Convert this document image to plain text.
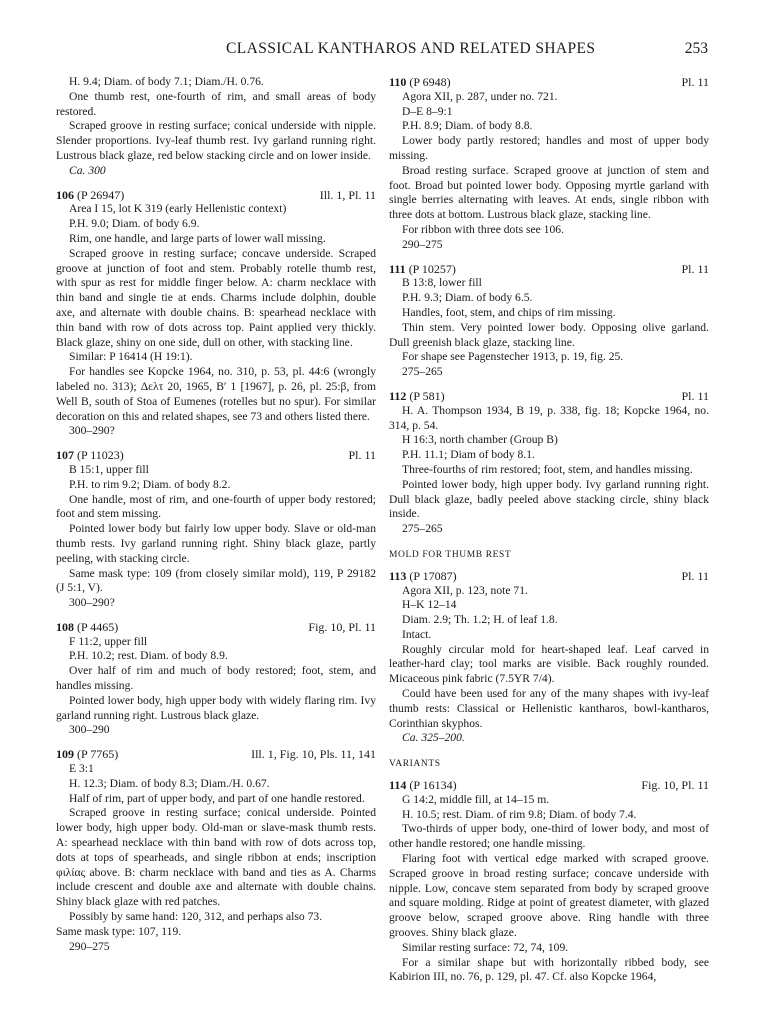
CLASSICAL KANTHAROS AND RELATED SHAPES	253
H. 9.4; Diam. of body 7.1; Diam./H. 0.76.

One thumb rest, one-fourth of rim, and small areas of body restored.

Scraped groove in resting surface; conical underside with nipple. Slender proportions. Ivy-leaf thumb rest. Ivy garland running right. Lustrous black glaze, red below stacking circle and on lower inside.

Ca. 300
106 (P 26947)	Ill. 1, Pl. 11
Area I 15, lot K 319 (early Hellenistic context)
P.H. 9.0; Diam. of body 6.9.

Rim, one handle, and large parts of lower wall missing.

Scraped groove in resting surface; concave underside. Scraped groove at junction of foot and stem. Probably rotelle thumb rest, with spur as rest for middle finger below. A: charm necklace with thin band and single tie at ends. Charms include dolphin, double axe, and alternate with double chains. B: spearhead necklace with thin band with row of dots across top. Paint applied very thickly. Black glaze, shiny on one side, dull on other, with stacking line.

Similar: P 16414 (H 19:1).

For handles see Kopcke 1964, no. 310, p. 53, pl. 44:6 (wrongly labeled no. 313); Δελτ 20, 1965, Β′ 1 [1967], p. 26, pl. 25:β, from Well B, south of Stoa of Eumenes (rotelles but no spur). For similar decoration on this and related shapes, see 73 and others listed there.

300–290?
107 (P 11023)	Pl. 11
B 15:1, upper fill
P.H. to rim 9.2; Diam. of body 8.2.

One handle, most of rim, and one-fourth of upper body restored; foot and stem missing.

Pointed lower body but fairly low upper body. Slave or old-man thumb rests. Ivy garland running right. Shiny black glaze, partly peeling, with stacking circle.

Same mask type: 109 (from closely similar mold), 119, P 29182 (J 5:1, V).

300–290?
108 (P 4465)	Fig. 10, Pl. 11
F 11:2, upper fill
P.H. 10.2; rest. Diam. of body 8.9.

Over half of rim and much of body restored; foot, stem, and handles missing.

Pointed lower body, high upper body with widely flaring rim. Ivy garland running right. Lustrous black glaze.

300–290
109 (P 7765)	Ill. 1, Fig. 10, Pls. 11, 141
E 3:1
H. 12.3; Diam. of body 8.3; Diam./H. 0.67.

Half of rim, part of upper body, and part of one handle restored.

Scraped groove in resting surface; conical underside. Pointed lower body, high upper body. Old-man or slave-mask thumb rests. A: spearhead necklace with thin band with row of dots across top, dots at tops of spearheads, and single ribbon at ends; inscription φιλίας above. B: charm necklace with band and ties as A. Charms include crescent and double axe and alternate with double chains. Shiny black glaze with red patches.

Possibly by same hand: 120, 312, and perhaps also 73.

Same mask type: 107, 119.
290–275
110 (P 6948)	Pl. 11
Agora XII, p. 287, under no. 721.
D–E 8–9:1
P.H. 8.9; Diam. of body 8.8.

Lower body partly restored; handles and most of upper body missing.

Broad resting surface. Scraped groove at junction of stem and foot. Broad but pointed lower body. Opposing myrtle garland with single berries alternating with leaves. At ends, single ribbon with three dots at bottom. Lustrous black glaze, stacking line.

For ribbon with three dots see 106.

290–275
111 (P 10257)	Pl. 11
B 13:8, lower fill
P.H. 9.3; Diam. of body 6.5.

Handles, foot, stem, and chips of rim missing.

Thin stem. Very pointed lower body. Opposing olive garland. Dull greenish black glaze, stacking line.

For shape see Pagenstecher 1913, p. 19, fig. 25.

275–265
112 (P 581)	Pl. 11

H. A. Thompson 1934, B 19, p. 338, fig. 18; Kopcke 1964, no. 314, p. 54.

H 16:3, north chamber (Group B)
P.H. 11.1; Diam of body 8.1.

Three-fourths of rim restored; foot, stem, and handles missing.

Pointed lower body, high upper body. Ivy garland running right. Dull black glaze, badly peeled above stacking circle, shiny black inside.

275–265
MOLD FOR THUMB REST
113 (P 17087)	Pl. 11
Agora XII, p. 123, note 71.
H–K 12–14
Diam. 2.9; Th. 1.2; H. of leaf 1.8.
Intact.

Roughly circular mold for heart-shaped leaf. Leaf carved in leather-hard clay; tool marks are visible. Back roughly rounded. Micaceous pink fabric (7.5YR 7/4).

Could have been used for any of the many shapes with ivy-leaf thumb rests: Classical or Hellenistic kantharos, bowl-kantharos, Corinthian skyphos.

Ca. 325–200.
VARIANTS
114 (P 16134)	Fig. 10, Pl. 11
G 14:2, middle fill, at 14–15 m.
H. 10.5; rest. Diam. of rim 9.8; Diam. of body 7.4.

Two-thirds of upper body, one-third of lower body, and most of other handle restored; one handle missing.

Flaring foot with vertical edge marked with scraped groove. Scraped groove in broad resting surface; concave underside with nipple. Low, concave stem separated from body by scraped groove and square molding. Ridge at point of greatest diameter, with glazed groove below, scraped groove above. Ring handle with three grooves. Shiny black glaze.

Similar resting surface: 72, 74, 109.

For a similar shape but with horizontally ribbed body, see Kabirion III, no. 76, p. 129, pl. 47. Cf. also Kopcke 1964,
